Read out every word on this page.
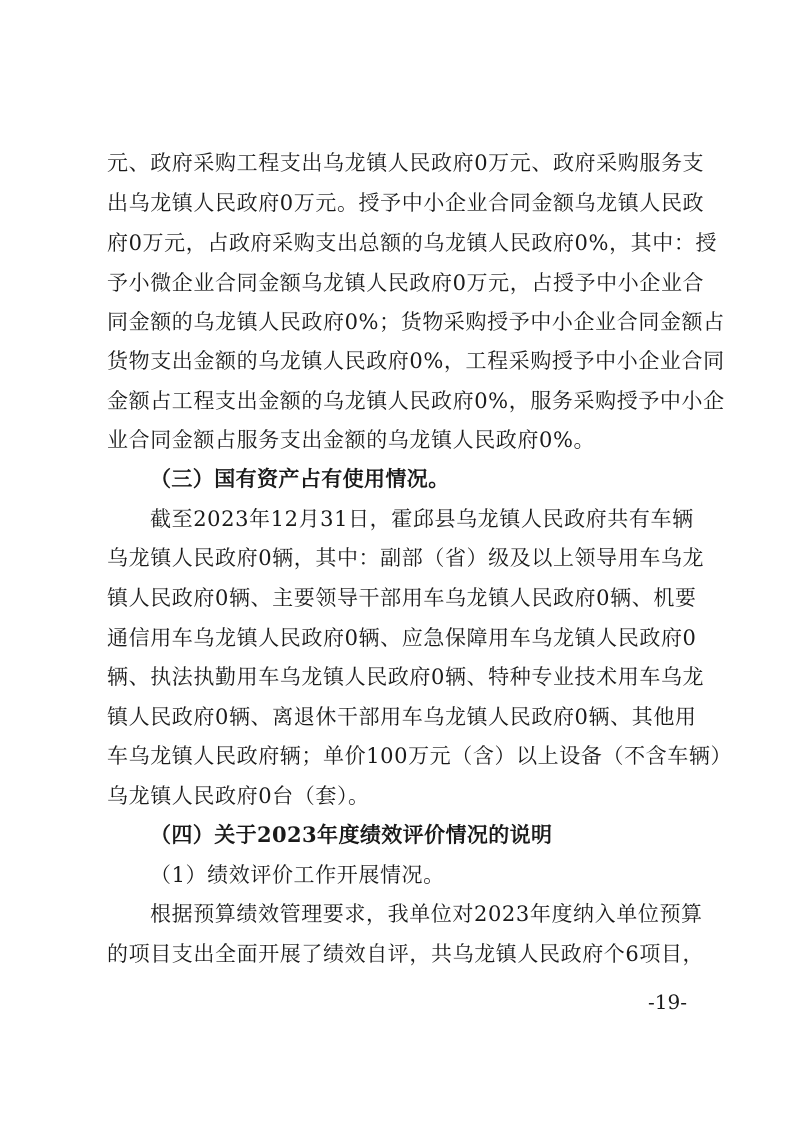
元、政府采购工程支出乌龙镇人民政府0万元、政府采购服务支
出乌龙镇人民政府0万元。授予中小企业合同金额乌龙镇人民政
府0万元，占政府采购支出总额的乌龙镇人民政府0%，其中：授
予小微企业合同金额乌龙镇人民政府0万元，占授予中小企业合
同金额的乌龙镇人民政府0%；货物采购授予中小企业合同金额占
货物支出金额的乌龙镇人民政府0%，工程采购授予中小企业合同
金额占工程支出金额的乌龙镇人民政府0%，服务采购授予中小企
业合同金额占服务支出金额的乌龙镇人民政府0%。
（三）国有资产占有使用情况。
截至2023年12月31日，霍邱县乌龙镇人民政府共有车辆
乌龙镇人民政府0辆，其中：副部（省）级及以上领导用车乌龙
镇人民政府0辆、主要领导干部用车乌龙镇人民政府0辆、机要
通信用车乌龙镇人民政府0辆、应急保障用车乌龙镇人民政府0
辆、执法执勤用车乌龙镇人民政府0辆、特种专业技术用车乌龙
镇人民政府0辆、离退休干部用车乌龙镇人民政府0辆、其他用
车乌龙镇人民政府辆；单价100万元（含）以上设备（不含车辆）
乌龙镇人民政府0台（套）。
（四）关于2023年度绩效评价情况的说明
（1）绩效评价工作开展情况。
根据预算绩效管理要求，我单位对2023年度纳入单位预算
的项目支出全面开展了绩效自评，共乌龙镇人民政府个6项目，
-19-
